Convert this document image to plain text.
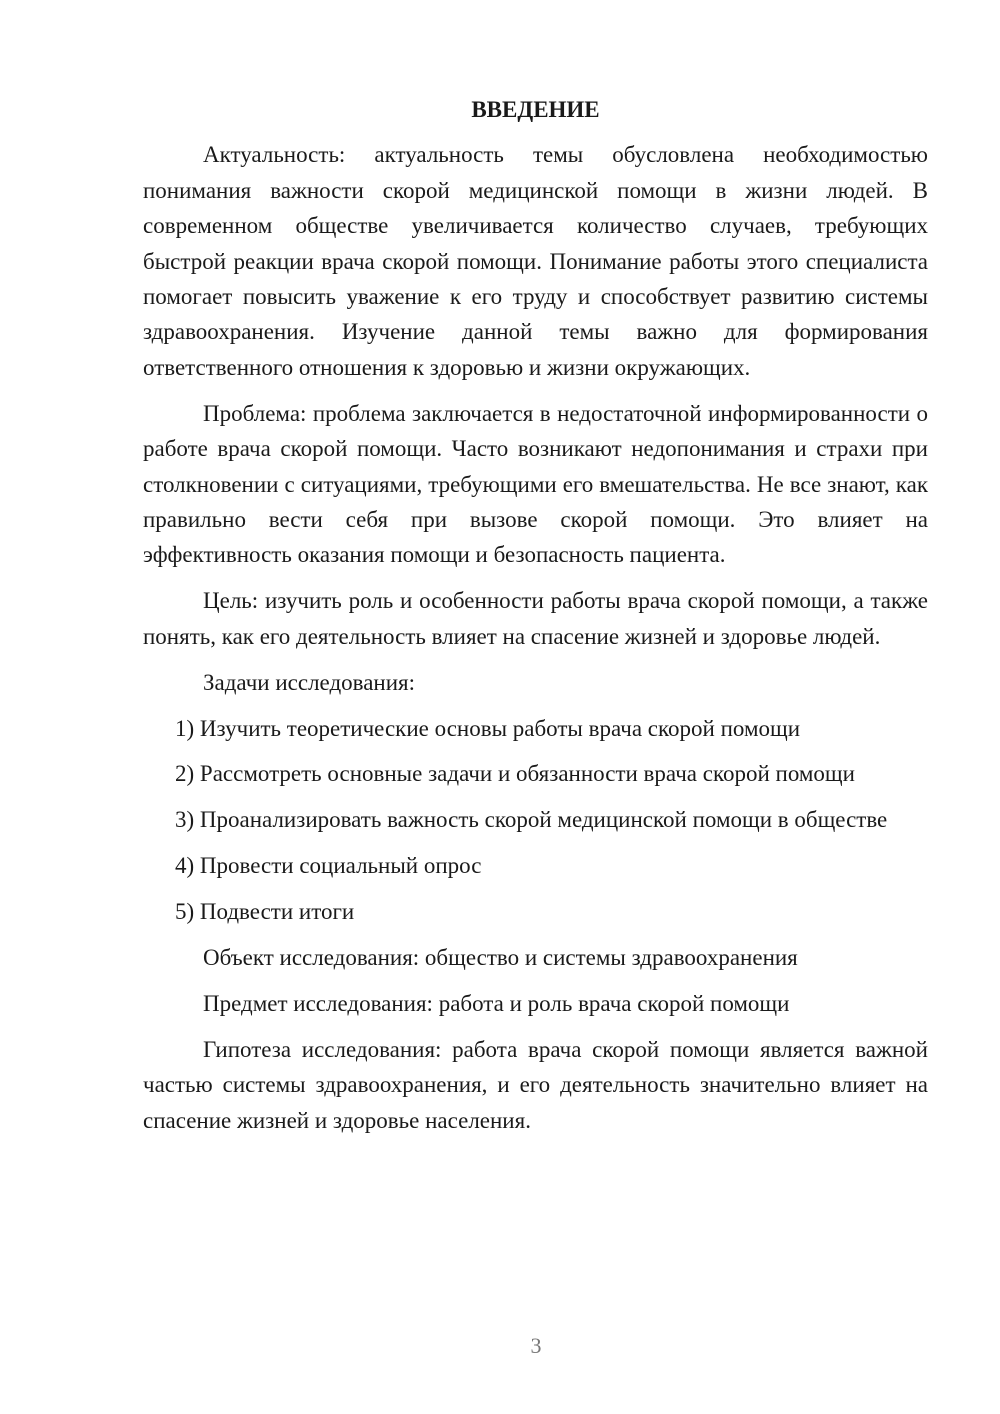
ВВЕДЕНИЕ

Актуальность: актуальность темы обусловлена необходимостью понимания важности скорой медицинской помощи в жизни людей. В современном обществе увеличивается количество случаев, требующих быстрой реакции врача скорой помощи. Понимание работы этого специалиста помогает повысить уважение к его труду и способствует развитию системы здравоохранения. Изучение данной темы важно для формирования ответственного отношения к здоровью и жизни окружающих.

Проблема: проблема заключается в недостаточной информированности о работе врача скорой помощи. Часто возникают недопонимания и страхи при столкновении с ситуациями, требующими его вмешательства. Не все знают, как правильно вести себя при вызове скорой помощи. Это влияет на эффективность оказания помощи и безопасность пациента.

Цель: изучить роль и особенности работы врача скорой помощи, а также понять, как его деятельность влияет на спасение жизней и здоровье людей.

Задачи исследования:

1) Изучить теоретические основы работы врача скорой помощи

2) Рассмотреть основные задачи и обязанности врача скорой помощи

3) Проанализировать важность скорой медицинской помощи в обществе

4) Провести социальный опрос

5) Подвести итоги

Объект исследования: общество и системы здравоохранения

Предмет исследования: работа и роль врача скорой помощи

Гипотеза исследования: работа врача скорой помощи является важной частью системы здравоохранения, и его деятельность значительно влияет на спасение жизней и здоровье населения.

3
